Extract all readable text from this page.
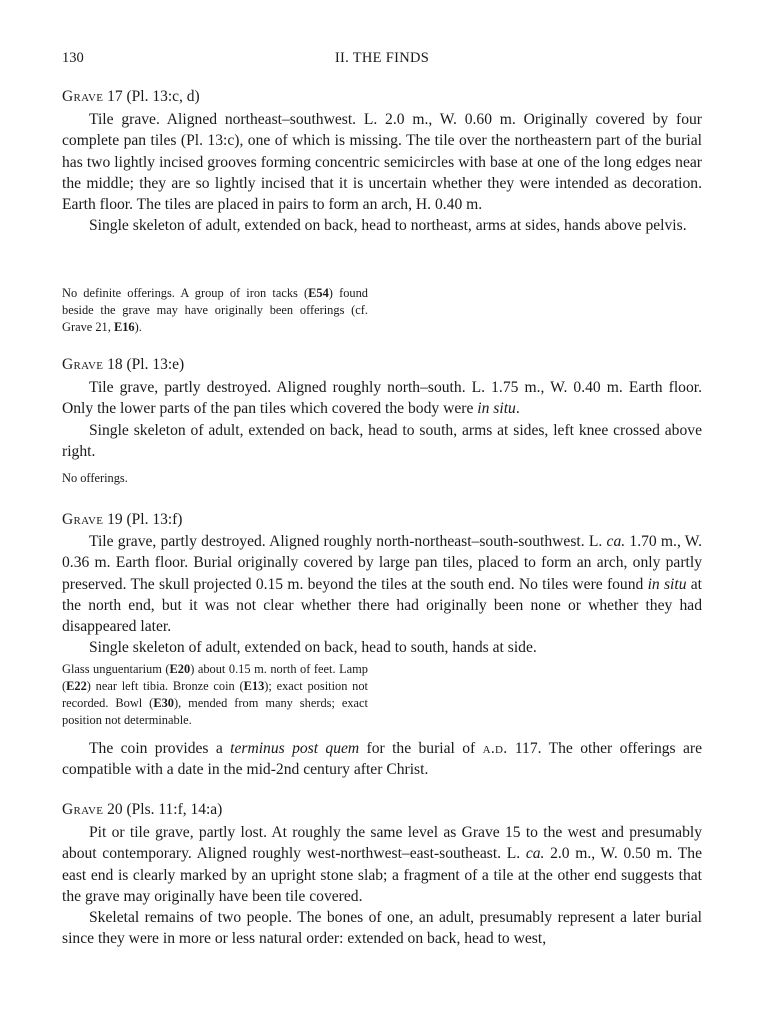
130	II. THE FINDS
Grave 17 (Pl. 13:c, d)

Tile grave. Aligned northeast–southwest. L. 2.0 m., W. 0.60 m. Originally covered by four complete pan tiles (Pl. 13:c), one of which is missing. The tile over the northeastern part of the burial has two lightly incised grooves forming concentric semicircles with base at one of the long edges near the middle; they are so lightly incised that it is uncertain whether they were intended as decoration. Earth floor. The tiles are placed in pairs to form an arch, H. 0.40 m.

Single skeleton of adult, extended on back, head to northeast, arms at sides, hands above pelvis.

No definite offerings. A group of iron tacks (E54) found beside the grave may have originally been offerings (cf. Grave 21, E16).

Grave 18 (Pl. 13:e)

Tile grave, partly destroyed. Aligned roughly north–south. L. 1.75 m., W. 0.40 m. Earth floor. Only the lower parts of the pan tiles which covered the body were in situ.

Single skeleton of adult, extended on back, head to south, arms at sides, left knee crossed above right.

No offerings.

Grave 19 (Pl. 13:f)

Tile grave, partly destroyed. Aligned roughly north-northeast–south-southwest. L. ca. 1.70 m., W. 0.36 m. Earth floor. Burial originally covered by large pan tiles, placed to form an arch, only partly preserved. The skull projected 0.15 m. beyond the tiles at the south end. No tiles were found in situ at the north end, but it was not clear whether there had originally been none or whether they had disappeared later.

Single skeleton of adult, extended on back, head to south, hands at side.

Glass unguentarium (E20) about 0.15 m. north of feet. Lamp (E22) near left tibia. Bronze coin (E13); exact position not recorded. Bowl (E30), mended from many sherds; exact position not determinable.

The coin provides a terminus post quem for the burial of a.d. 117. The other offerings are compatible with a date in the mid-2nd century after Christ.

Grave 20 (Pls. 11:f, 14:a)

Pit or tile grave, partly lost. At roughly the same level as Grave 15 to the west and presumably about contemporary. Aligned roughly west-northwest–east-southeast. L. ca. 2.0 m., W. 0.50 m. The east end is clearly marked by an upright stone slab; a fragment of a tile at the other end suggests that the grave may originally have been tile covered.

Skeletal remains of two people. The bones of one, an adult, presumably represent a later burial since they were in more or less natural order: extended on back, head to west,
